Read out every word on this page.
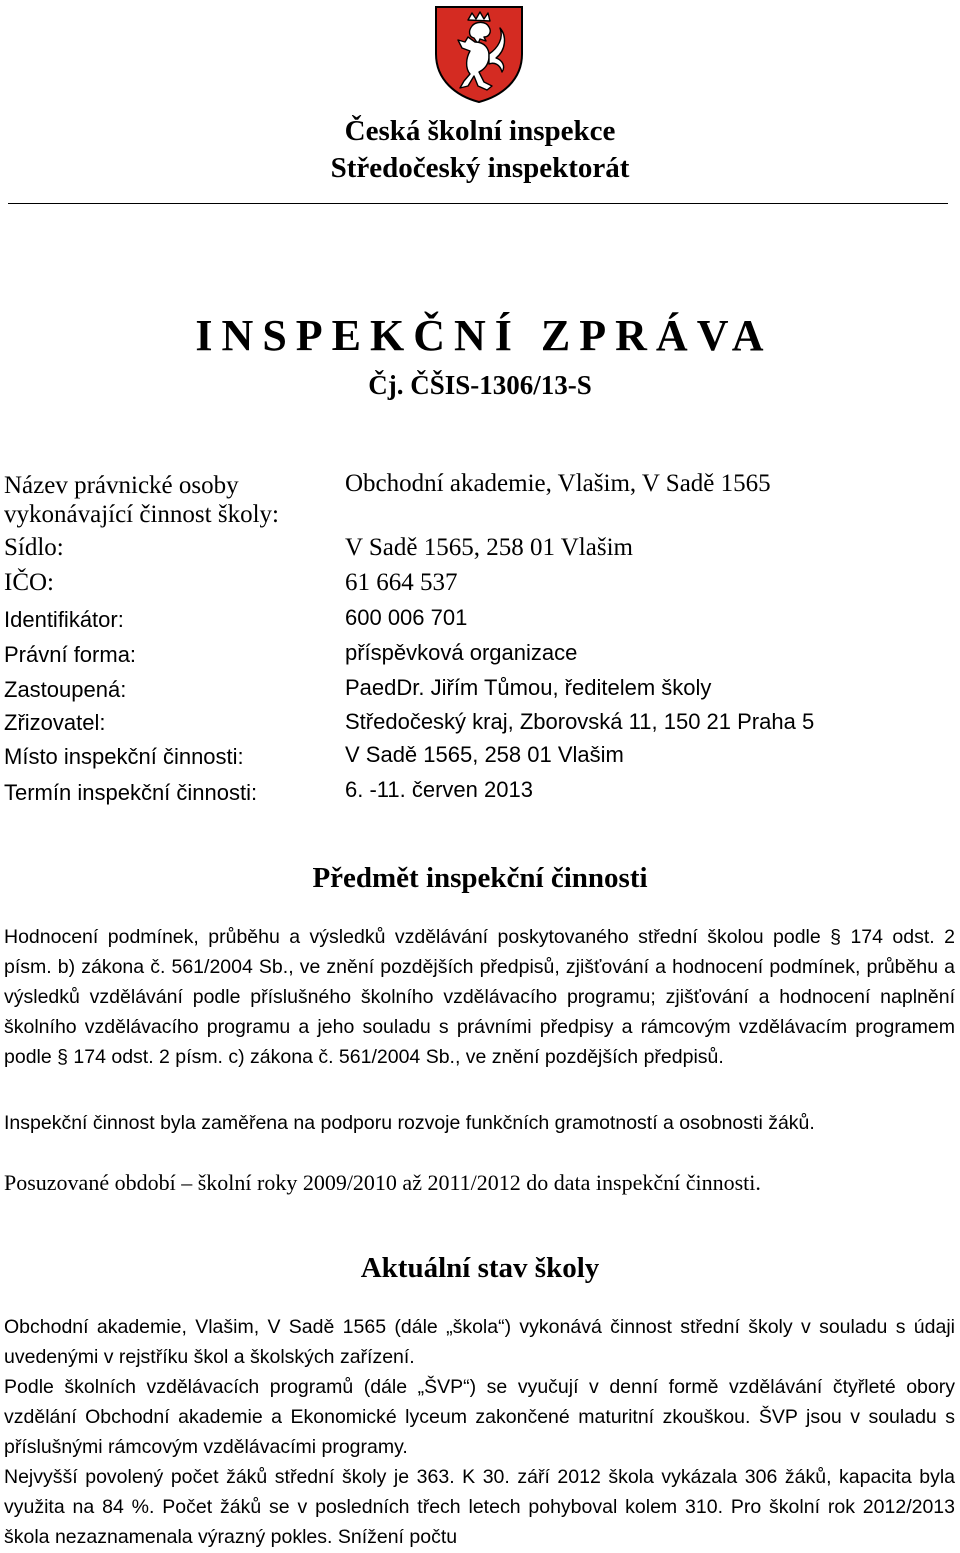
Česká školní inspekce
Středočeský inspektorát
INSPEKČNÍ ZPRÁVA
Čj. ČŠIS-1306/13-S
Název právnické osoby
vykonávající činnost školy:
Obchodní akademie, Vlašim, V Sadě 1565
Sídlo:	V Sadě 1565, 258 01 Vlašim
IČO:	61 664 537
Identifikátor:	600 006 701
Právní forma:	příspěvková organizace
Zastoupená:	PaedDr. Jiřím Tůmou, ředitelem školy
Zřizovatel:	Středočeský kraj, Zborovská 11, 150 21 Praha 5
Místo inspekční činnosti:	V Sadě 1565, 258 01 Vlašim
Termín inspekční činnosti:	6. -11. červen 2013
Předmět inspekční činnosti

Hodnocení podmínek, průběhu a výsledků vzdělávání poskytovaného střední školou podle § 174 odst. 2 písm. b) zákona č. 561/2004 Sb., ve znění pozdějších předpisů, zjišťování a hodnocení podmínek, průběhu a výsledků vzdělávání podle příslušného školního vzdělávacího programu; zjišťování a hodnocení naplnění školního vzdělávacího programu a jeho souladu s právními předpisy a rámcovým vzdělávacím programem podle § 174 odst. 2 písm. c) zákona č. 561/2004 Sb., ve znění pozdějších předpisů.

Inspekční činnost byla zaměřena na podporu rozvoje funkčních gramotností a osobnosti žáků.

Posuzované období – školní roky 2009/2010 až 2011/2012 do data inspekční činnosti.

Aktuální stav školy

Obchodní akademie, Vlašim, V Sadě 1565 (dále „škola“) vykonává činnost střední školy v souladu s údaji uvedenými v rejstříku škol a školských zařízení.

Podle školních vzdělávacích programů (dále „ŠVP“) se vyučují v denní formě vzdělávání čtyřleté obory vzdělání Obchodní akademie a Ekonomické lyceum zakončené maturitní zkouškou. ŠVP jsou v souladu s příslušnými rámcovým vzdělávacími programy.

Nejvyšší povolený počet žáků střední školy je 363. K 30. září 2012 škola vykázala 306 žáků, kapacita byla využita na 84 %. Počet žáků se v posledních třech letech pohyboval kolem 310. Pro školní rok 2012/2013 škola nezaznamenala výrazný pokles. Snížení počtu
